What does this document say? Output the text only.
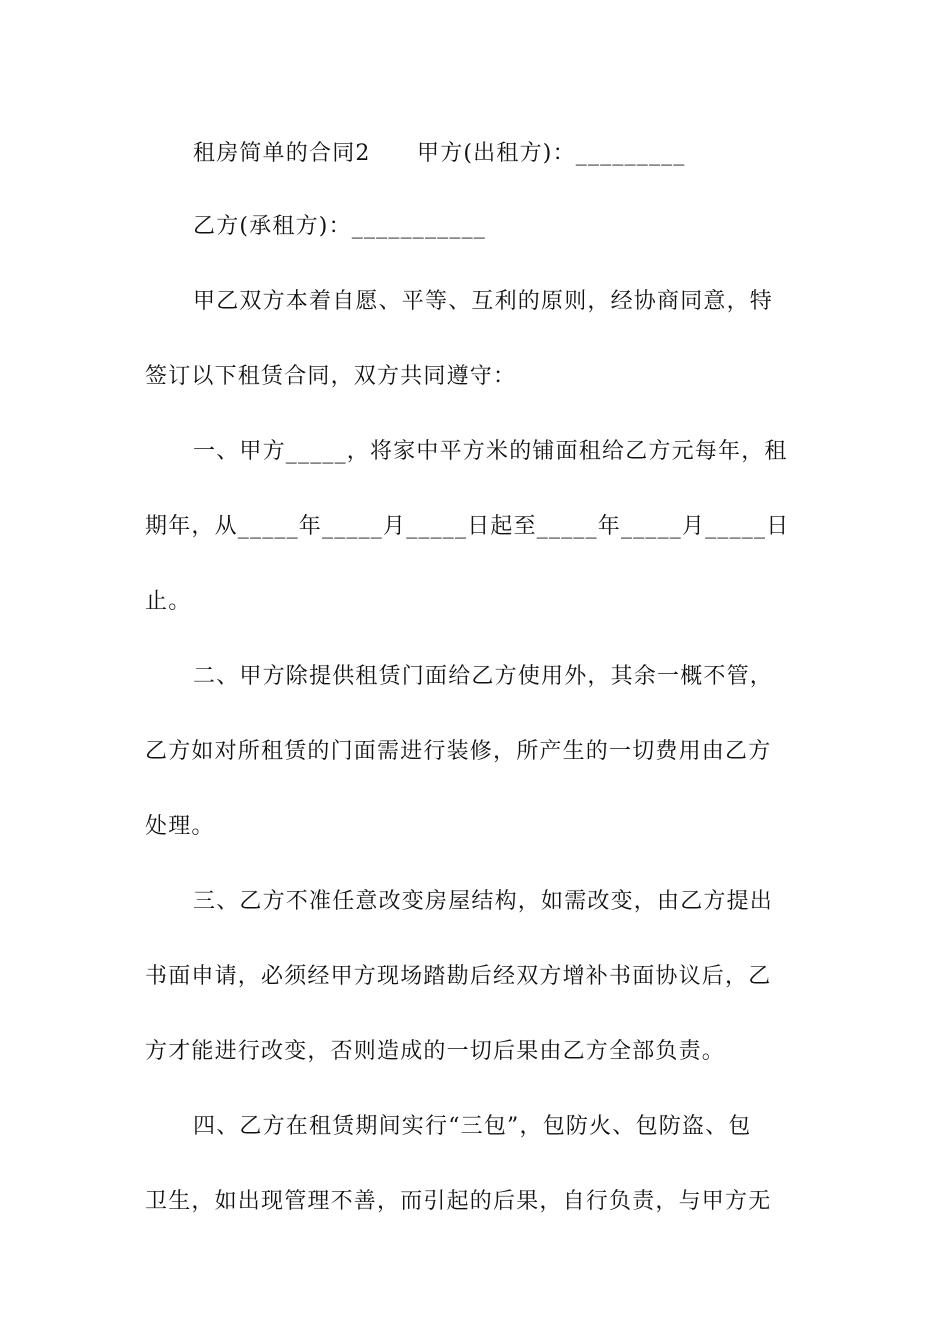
租房简单的合同2　　甲方(出租方)：_________
乙方(承租方)：___________
甲乙双方本着自愿、平等、互利的原则，经协商同意，特
签订以下租赁合同，双方共同遵守：
一、甲方_____，将家中平方米的铺面租给乙方元每年，租
期年，从_____年_____月_____日起至_____年_____月_____日
止。
二、甲方除提供租赁门面给乙方使用外，其余一概不管，
乙方如对所租赁的门面需进行装修，所产生的一切费用由乙方
处理。
三、乙方不准任意改变房屋结构，如需改变，由乙方提出
书面申请，必须经甲方现场踏勘后经双方增补书面协议后，乙
方才能进行改变，否则造成的一切后果由乙方全部负责。
四、乙方在租赁期间实行“三包”，包防火、包防盗、包
卫生，如出现管理不善，而引起的后果，自行负责，与甲方无
